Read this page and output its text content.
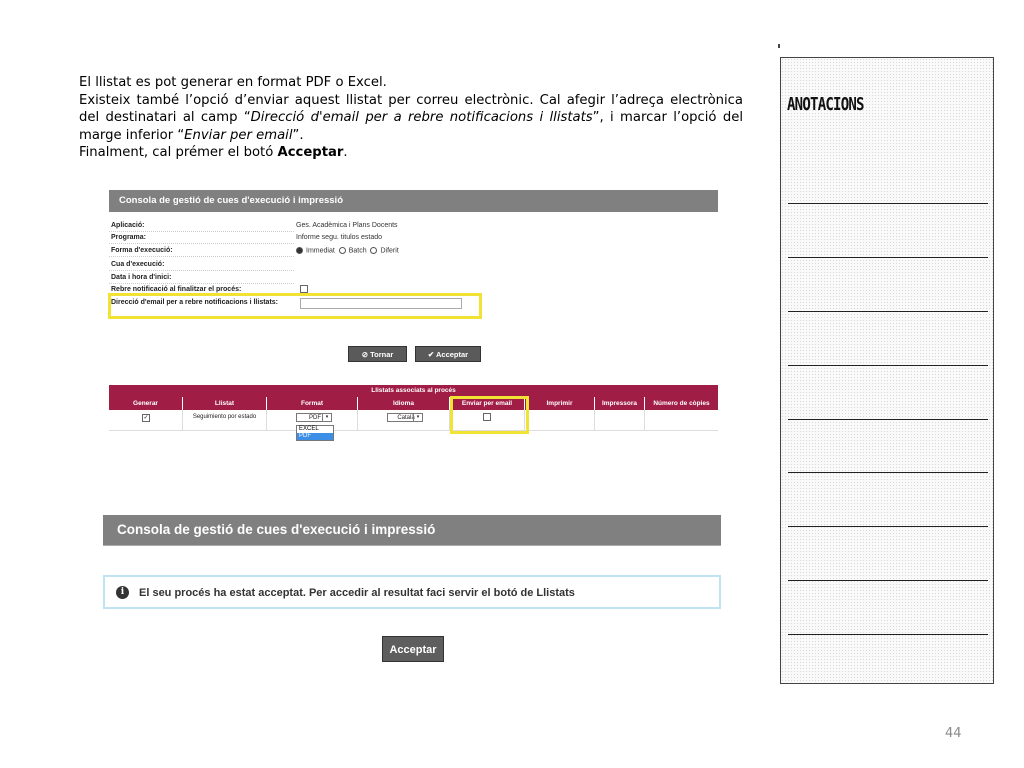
El llistat es pot generar en format PDF o Excel.

Existeix també l’opció d’enviar aquest llistat per correu electrònic. Cal afegir l’adreça electrònica del destinatari al camp “Direcció d'email per a rebre notificacions i llistats”, i marcar l’opció del marge inferior “Enviar per email”.

Finalment, cal prémer el botó Acceptar.

Consola de gestió de cues d'execució i impressió
Aplicació:	Ges. Acadèmica i Plans Docents
Programa:	Informe segu. titulos estado
Forma d'execució:	Immediat Batch Diferit
Cua d'execució:
Data i hora d'inici:
Rebre notificació al finalitzar el procés:
Direcció d'email per a rebre notificacions i llistats:
⊘ Tornar	✔ Acceptar
Llistats associats al procés
Generar	Llistat	Format	Idioma	Enviar per email	Imprimir	Impressora	Número de còpies
✓	Seguimiento por estado	PDF ▾	Català ▾
EXCEL
PDF
Consola de gestió de cues d'execució i impressió
i	El seu procés ha estat acceptat. Per accedir al resultat faci servir el botó de Llistats
Acceptar
ANOTACIONS
44
